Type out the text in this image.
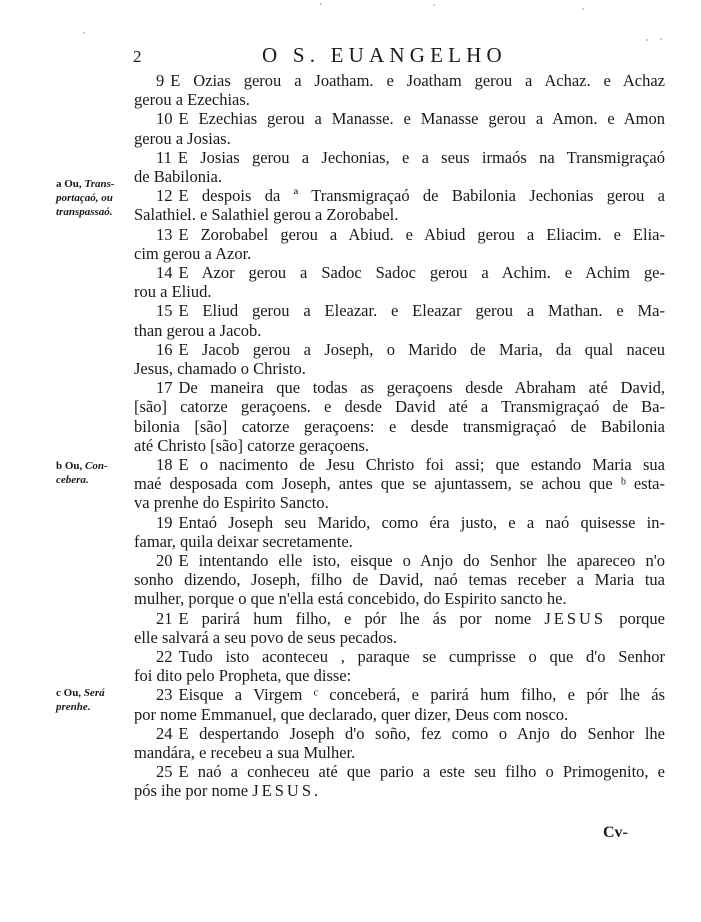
2	O S. EUANGELHO
9 E Ozias gerou a Joatham. e Joatham gerou a Achaz. e Achaz
gerou a Ezechias.
10 E Ezechias gerou a Manasse. e Manasse gerou a Amon. e Amon
gerou a Josias.
11 E Josias gerou a Jechonias, e a seus irmaós na Transmigraçaó
de Babilonia.
12 E despois da ª Transmigraçaó de Babilonia Jechonias gerou a
Salathiel. e Salathiel gerou a Zorobabel.
13 E Zorobabel gerou a Abiud. e Abiud gerou a Eliacim. e Elia-
cim gerou a Azor.
14 E Azor gerou a Sadoc Sadoc gerou a Achim. e Achim ge-
rou a Eliud.
15 E Eliud gerou a Eleazar. e Eleazar gerou a Mathan. e Ma-
than gerou a Jacob.
16 E Jacob gerou a Joseph, o Marido de Maria, da qual naceu
Jesus, chamado o Christo.
17 De maneira que todas as geraçoens desde Abraham até David,
[são] catorze geraçoens. e desde David até a Transmigraçaó de Ba-
bilonia [são] catorze geraçoens: e desde transmigraçaó de Babilonia
até Christo [são] catorze geraçoens.
18 E o nacimento de Jesu Christo foi assi; que estando Maria sua
maé desposada com Joseph, antes que se ajuntassem, se achou que ᵇ esta-
va prenhe do Espirito Sancto.
19 Entaó Joseph seu Marido, como éra justo, e a naó quisesse in-
famar, quila deixar secretamente.
20 E intentando elle isto, eisque o Anjo do Senhor lhe apareceo n'o
sonho dizendo, Joseph, filho de David, naó temas receber a Maria tua
mulher, porque o que n'ella está concebido, do Espirito sancto he.
21 E parirá hum filho, e pór lhe ás por nome JESUS porque
elle salvará a seu povo de seus pecados.
22 Tudo isto aconteceu , paraque se cumprisse o que d'o Senhor
foi dito pelo Propheta, que disse:
23 Eisque a Virgem ᶜ conceberá, e parirá hum filho, e pór lhe ás
por nome Emmanuel, que declarado, quer dizer, Deus com nosco.
24 E despertando Joseph d'o soño, fez como o Anjo do Senhor lhe
mandára, e recebeu a sua Mulher.
25 E naó a conheceu até que pario a este seu filho o Primogenito, e
pós ihe por nome JESUS.
a Ou, Trans-portaçaó, ou transpassaó.
b Ou, Con-cebera.
c Ou, Será prenhe.
Cv-
